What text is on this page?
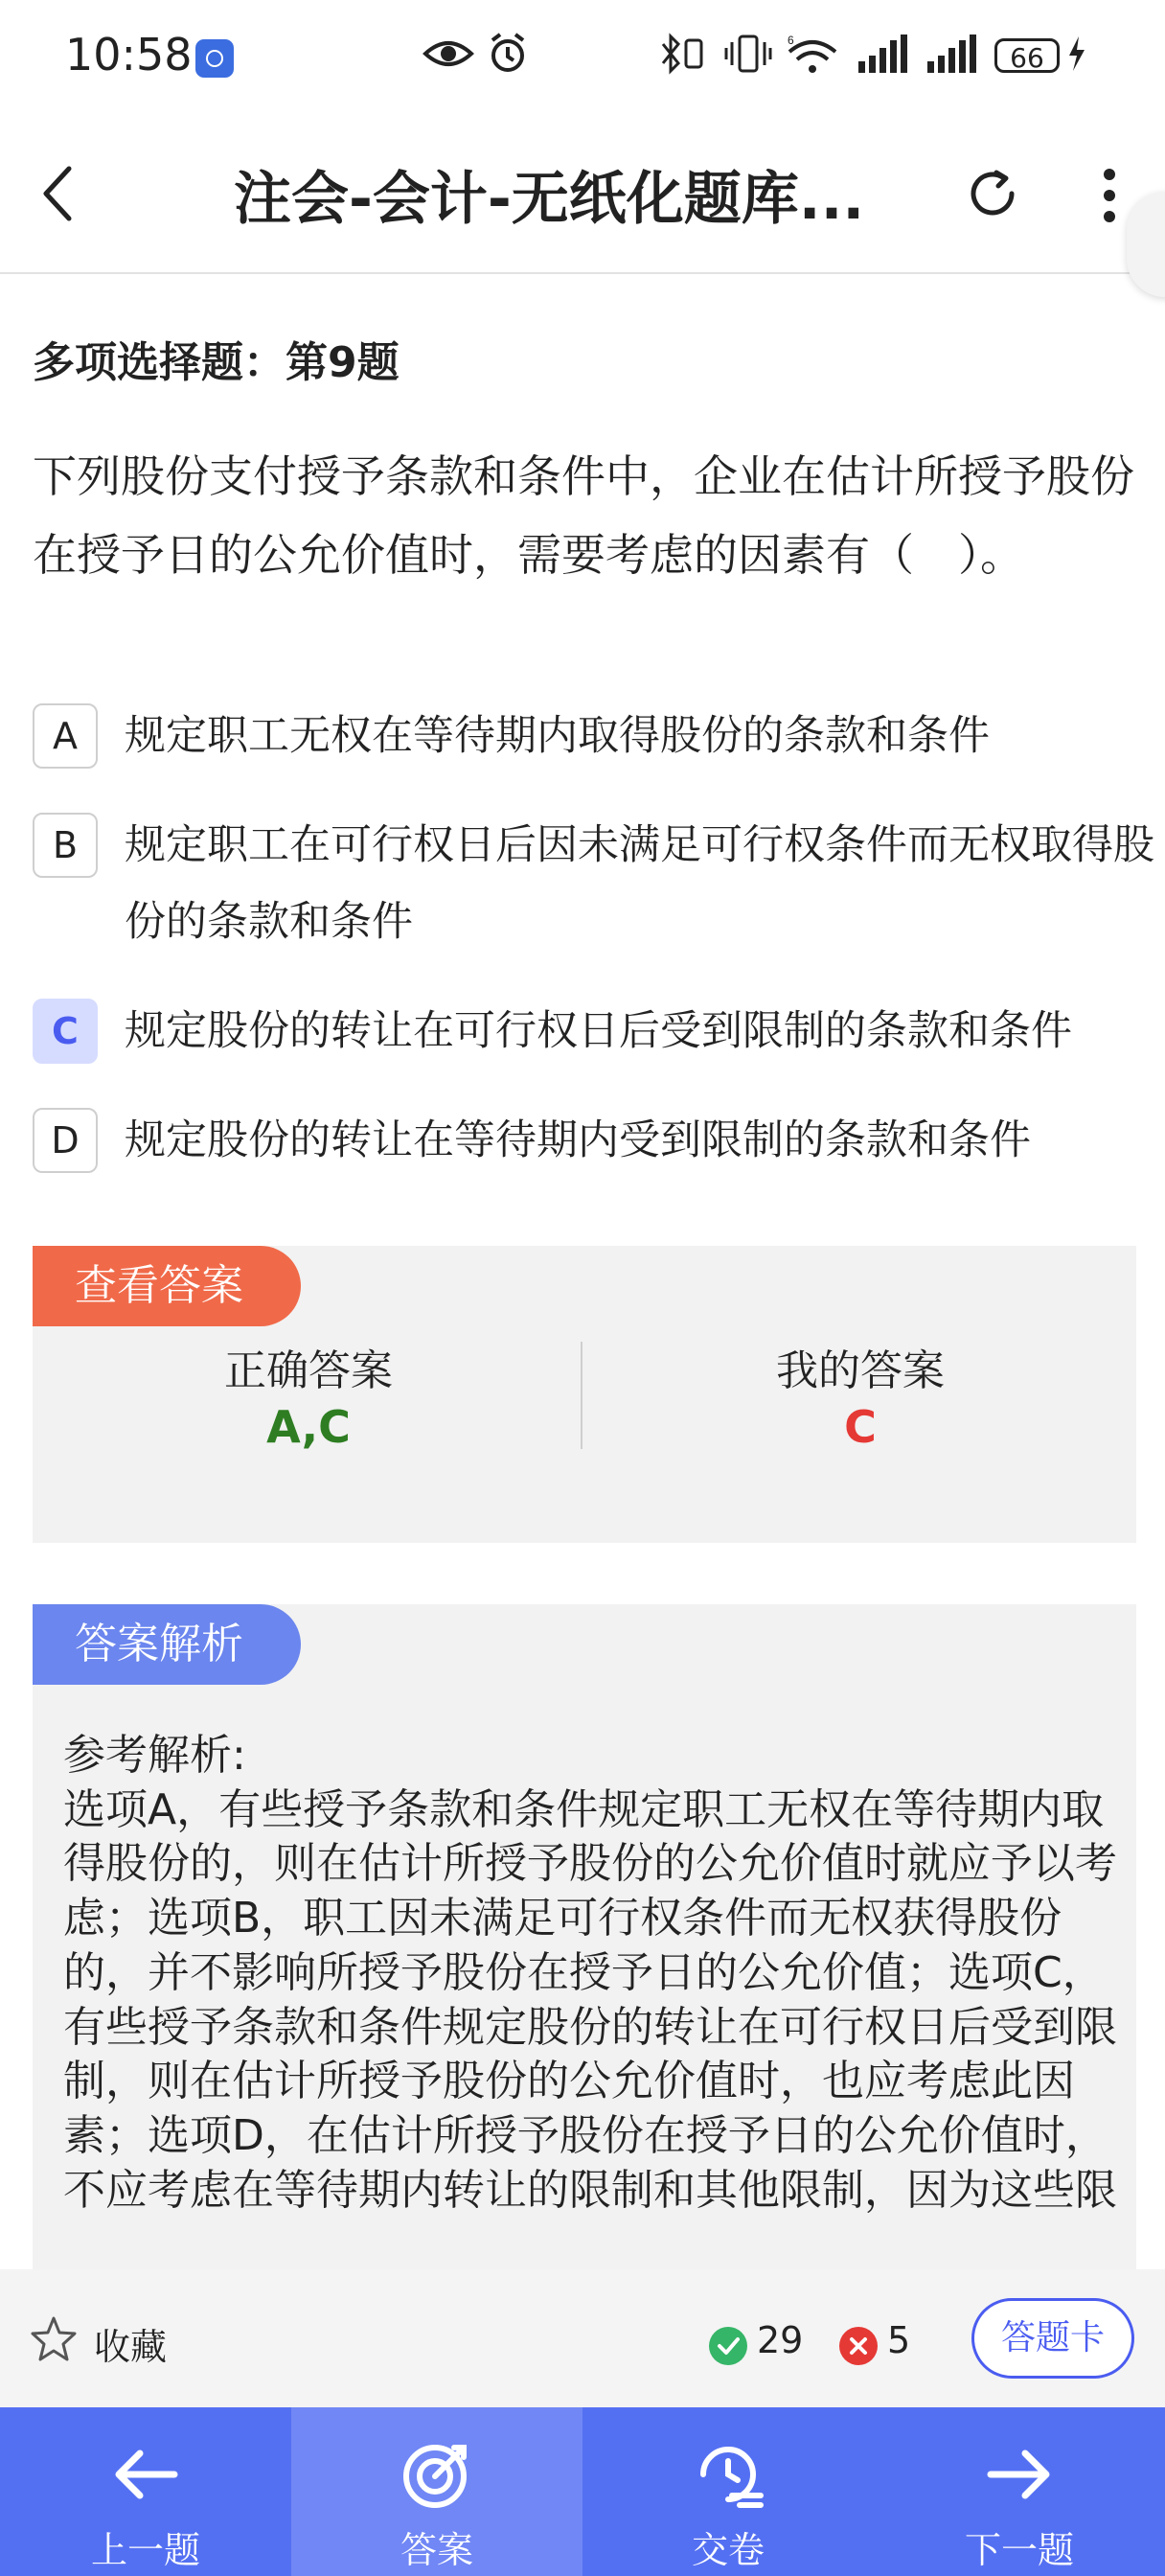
10:58	6
66
注会-会计-无纸化题库...
多项选择题：第9题
下列股份支付授予条款和条件中，企业在估计所授予股份在授予日的公允价值时，需要考虑的因素有（　）。
A	规定职工无权在等待期内取得股份的条款和条件
B	规定职工在可行权日后因未满足可行权条件而无权取得股份的条款和条件
C	规定股份的转让在可行权日后受到限制的条款和条件
D	规定股份的转让在等待期内受到限制的条款和条件
查看答案
正确答案
A,C
我的答案
C
答案解析
参考解析:
选项A，有些授予条款和条件规定职工无权在等待期内取得股份的，则在估计所授予股份的公允价值时就应予以考虑；选项B，职工因未满足可行权条件而无权获得股份的，并不影响所授予股份在授予日的公允价值；选项C，有些授予条款和条件规定股份的转让在可行权日后受到限制，则在估计所授予股份的公允价值时，也应考虑此因素；选项D，在估计所授予股份在授予日的公允价值时，不应考虑在等待期内转让的限制和其他限制，因为这些限
收藏	29 5	答题卡
上一题	答案	交卷	下一题
